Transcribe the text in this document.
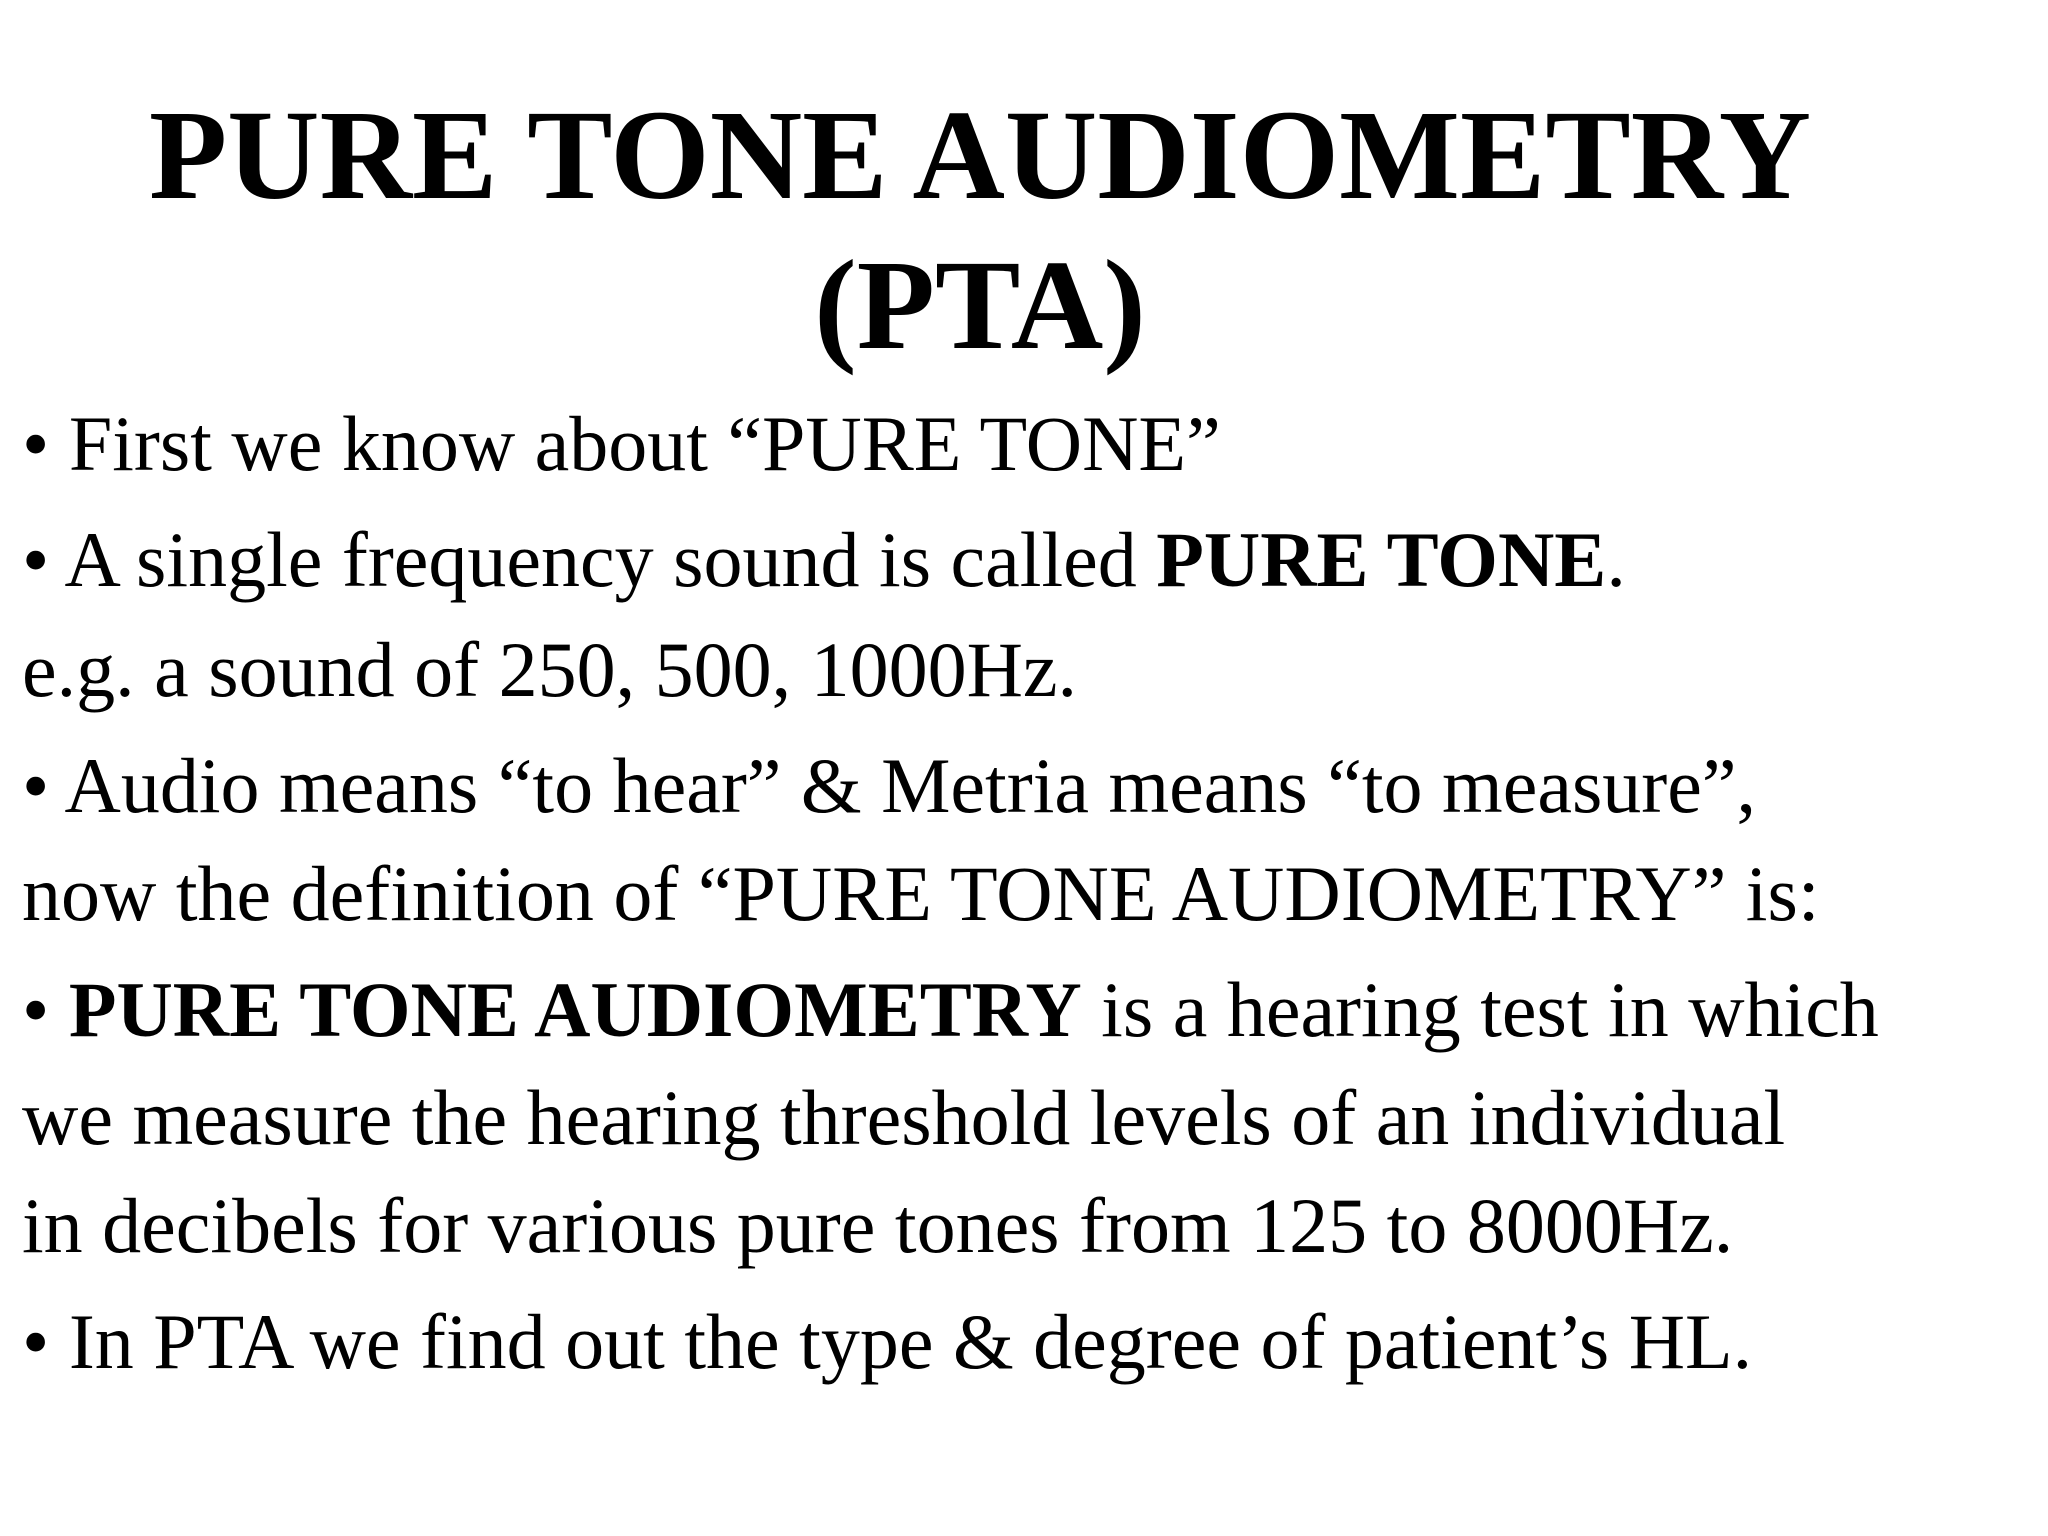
PURE TONE AUDIOMETRY
(PTA)

• First we know about “PURE TONE”

• A single frequency sound is called PURE TONE.

e.g. a sound of 250, 500, 1000Hz.

• Audio means “to hear” & Metria means “to measure”,
now the definition of “PURE TONE AUDIOMETRY” is:

• PURE TONE AUDIOMETRY is a hearing test in which
we measure the hearing threshold levels of an individual
in decibels for various pure tones from 125 to 8000Hz.

• In PTA we find out the type & degree of patient’s HL.
